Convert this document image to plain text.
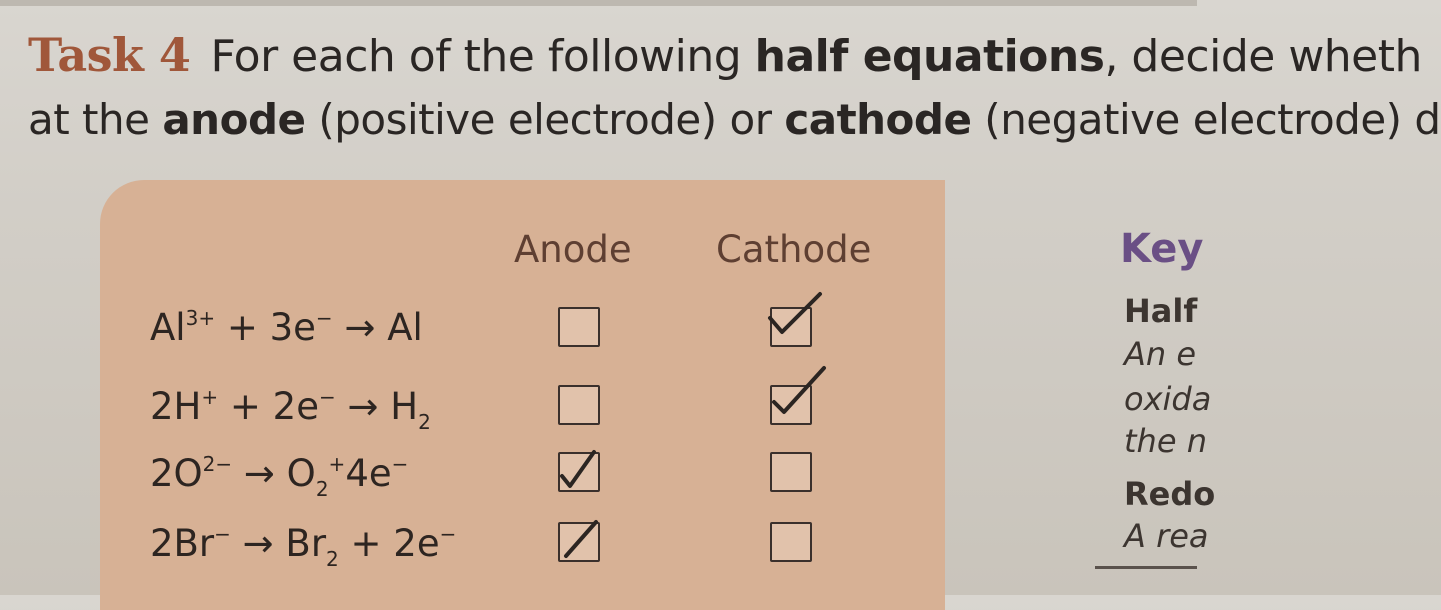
Task 4 For each of the following half equations, decide wheth
at the anode (positive electrode) or cathode (negative electrode) d
Anode Cathode
$Al^{3+} + 3e^- \to Al$
$2H^+ + 2e^- \to H_2$
$2O^{2-} \to O_2^+4e^-$
$2Br^- \to Br_2 + 2e^-$
Key
Half
An e
oxida
the n
Redo
A rea
